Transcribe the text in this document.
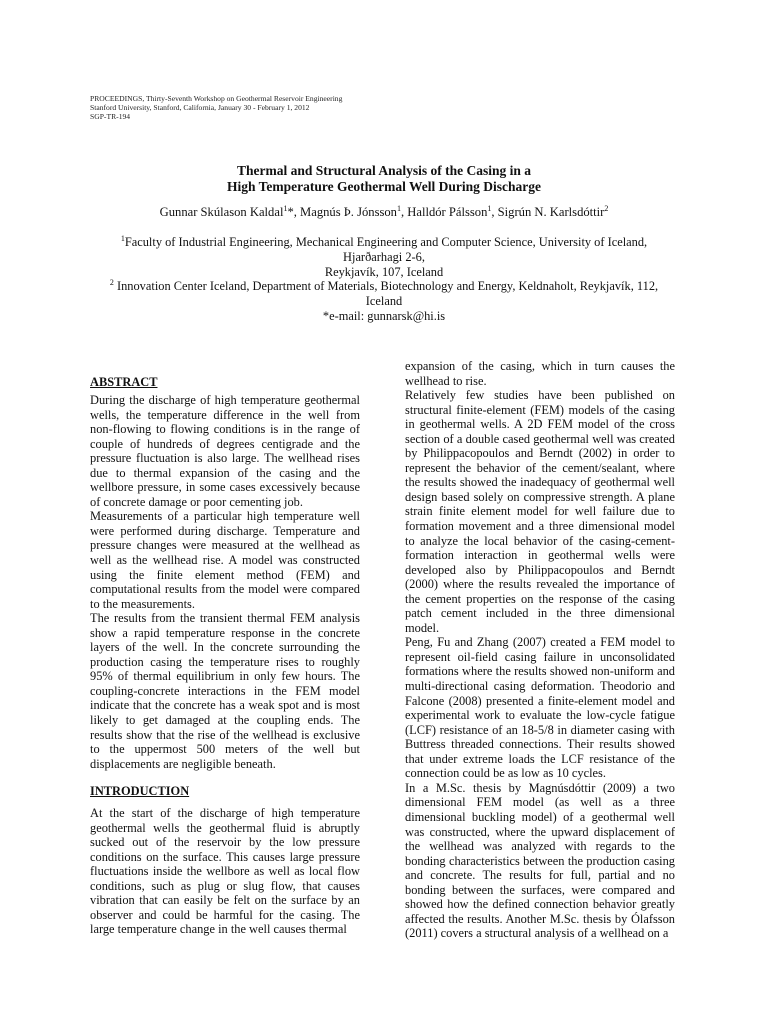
PROCEEDINGS, Thirty-Seventh Workshop on Geothermal Reservoir Engineering
Stanford University, Stanford, California, January 30 - February 1, 2012
SGP-TR-194
Thermal and Structural Analysis of the Casing in a
High Temperature Geothermal Well During Discharge
Gunnar Skúlason Kaldal$^1$*, Magnús Þ. Jónsson$^1$, Halldór Pálsson$^1$, Sigrún N. Karlsdóttir$^2$
$^1$Faculty of Industrial Engineering, Mechanical Engineering and Computer Science, University of Iceland,
Hjarðarhagi 2-6,
Reykjavík, 107, Iceland
$^2$ Innovation Center Iceland, Department of Materials, Biotechnology and Energy, Keldnaholt, Reykjavík, 112,
Iceland
*e-mail: gunnarsk@hi.is
ABSTRACT

During the discharge of high temperature geothermal wells, the temperature difference in the well from non-flowing to flowing conditions is in the range of couple of hundreds of degrees centigrade and the pressure fluctuation is also large. The wellhead rises due to thermal expansion of the casing and the wellbore pressure, in some cases excessively because of concrete damage or poor cementing job.

Measurements of a particular high temperature well were performed during discharge. Temperature and pressure changes were measured at the wellhead as well as the wellhead rise. A model was constructed using the finite element method (FEM) and computational results from the model were compared to the measurements.

The results from the transient thermal FEM analysis show a rapid temperature response in the concrete layers of the well. In the concrete surrounding the production casing the temperature rises to roughly 95% of thermal equilibrium in only few hours. The coupling-concrete interactions in the FEM model indicate that the concrete has a weak spot and is most likely to get damaged at the coupling ends. The results show that the rise of the wellhead is exclusive to the uppermost 500 meters of the well but displacements are negligible beneath.

INTRODUCTION

At the start of the discharge of high temperature geothermal wells the geothermal fluid is abruptly sucked out of the reservoir by the low pressure conditions on the surface. This causes large pressure fluctuations inside the wellbore as well as local flow conditions, such as plug or slug flow, that causes vibration that can easily be felt on the surface by an observer and could be harmful for the casing. The large temperature change in the well causes thermal

expansion of the casing, which in turn causes the wellhead to rise.

Relatively few studies have been published on structural finite-element (FEM) models of the casing in geothermal wells. A 2D FEM model of the cross section of a double cased geothermal well was created by Philippacopoulos and Berndt (2002) in order to represent the behavior of the cement/sealant, where the results showed the inadequacy of geothermal well design based solely on compressive strength. A plane strain finite element model for well failure due to formation movement and a three dimensional model to analyze the local behavior of the casing-cement-formation interaction in geothermal wells were developed also by Philippacopoulos and Berndt (2000) where the results revealed the importance of the cement properties on the response of the casing patch cement included in the three dimensional model.

Peng, Fu and Zhang (2007) created a FEM model to represent oil-field casing failure in unconsolidated formations where the results showed non-uniform and multi-directional casing deformation. Theodorio and Falcone (2008) presented a finite-element model and experimental work to evaluate the low-cycle fatigue (LCF) resistance of an 18-5/8 in diameter casing with Buttress threaded connections. Their results showed that under extreme loads the LCF resistance of the connection could be as low as 10 cycles.

In a M.Sc. thesis by Magnúsdóttir (2009) a two dimensional FEM model (as well as a three dimensional buckling model) of a geothermal well was constructed, where the upward displacement of the wellhead was analyzed with regards to the bonding characteristics between the production casing and concrete. The results for full, partial and no bonding between the surfaces, were compared and showed how the defined connection behavior greatly affected the results. Another M.Sc. thesis by Ólafsson (2011) covers a structural analysis of a wellhead on a
